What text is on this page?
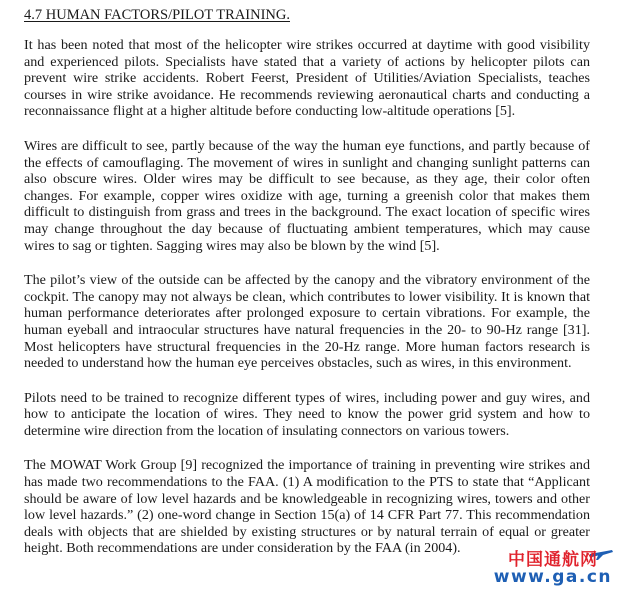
4.7 HUMAN FACTORS/PILOT TRAINING.

It has been noted that most of the helicopter wire strikes occurred at daytime with good visibility and experienced pilots. Specialists have stated that a variety of actions by helicopter pilots can prevent wire strike accidents. Robert Feerst, President of Utilities/Aviation Specialists, teaches courses in wire strike avoidance. He recommends reviewing aeronautical charts and conducting a reconnaissance flight at a higher altitude before conducting low-altitude operations [5].

Wires are difficult to see, partly because of the way the human eye functions, and partly because of the effects of camouflaging. The movement of wires in sunlight and changing sunlight patterns can also obscure wires. Older wires may be difficult to see because, as they age, their color often changes. For example, copper wires oxidize with age, turning a greenish color that makes them difficult to distinguish from grass and trees in the background. The exact location of specific wires may change throughout the day because of fluctuating ambient temperatures, which may cause wires to sag or tighten. Sagging wires may also be blown by the wind [5].

The pilot’s view of the outside can be affected by the canopy and the vibratory environment of the cockpit. The canopy may not always be clean, which contributes to lower visibility. It is known that human performance deteriorates after prolonged exposure to certain vibrations. For example, the human eyeball and intraocular structures have natural frequencies in the 20- to 90-Hz range [31]. Most helicopters have structural frequencies in the 20-Hz range. More human factors research is needed to understand how the human eye perceives obstacles, such as wires, in this environment.

Pilots need to be trained to recognize different types of wires, including power and guy wires, and how to anticipate the location of wires. They need to know the power grid system and how to determine wire direction from the location of insulating connectors on various towers.

The MOWAT Work Group [9] recognized the importance of training in preventing wire strikes and has made two recommendations to the FAA. (1) A modification to the PTS to state that “Applicant should be aware of low level hazards and be knowledgeable in recognizing wires, towers and other low level hazards.” (2) one-word change in Section 15(a) of 14 CFR Part 77. This recommendation deals with objects that are shielded by existing structures or by natural terrain of equal or greater height. Both recommendations are under consideration by the FAA (in 2004).

中国通航网
www.ga.cn
